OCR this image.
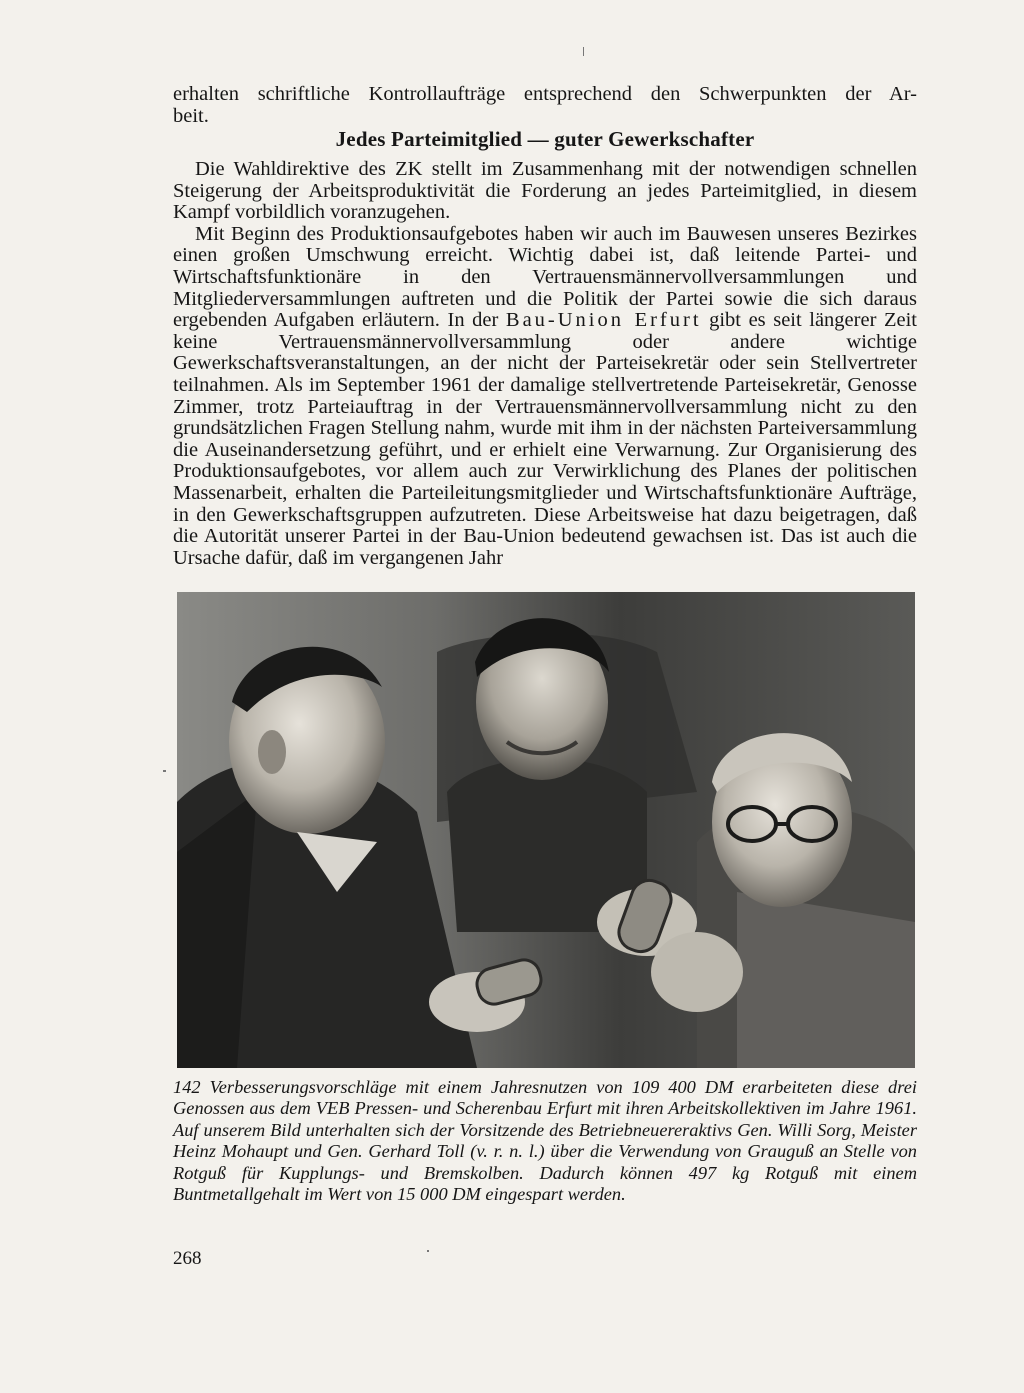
erhalten schriftliche Kontrollaufträge entsprechend den Schwerpunkten der Ar-

beit.

Jedes Parteimitglied — guter Gewerkschafter

Die Wahldirektive des ZK stellt im Zusammenhang mit der notwendigen schnellen Steigerung der Arbeitsproduktivität die Forderung an jedes Parteimitglied, in diesem Kampf vorbildlich voranzugehen.

Mit Beginn des Produktionsaufgebotes haben wir auch im Bauwesen unseres Bezirkes einen großen Umschwung erreicht. Wichtig dabei ist, daß leitende Partei- und Wirtschaftsfunktionäre in den Vertrauensmännervollversammlungen und Mitgliederversammlungen auftreten und die Politik der Partei sowie die sich daraus ergebenden Aufgaben erläutern. In der Bau-Union Erfurt gibt es seit längerer Zeit keine Vertrauensmännervollversammlung oder andere wichtige Gewerkschaftsveranstaltungen, an der nicht der Parteisekretär oder sein Stellvertreter teilnahmen. Als im September 1961 der damalige stellvertretende Parteisekretär, Genosse Zimmer, trotz Parteiauftrag in der Vertrauensmännervollversammlung nicht zu den grundsätzlichen Fragen Stellung nahm, wurde mit ihm in der nächsten Parteiversammlung die Auseinandersetzung geführt, und er erhielt eine Verwarnung. Zur Organisierung des Produktionsaufgebotes, vor allem auch zur Verwirklichung des Planes der politischen Massenarbeit, erhalten die Parteileitungsmitglieder und Wirtschaftsfunktionäre Aufträge, in den Gewerkschaftsgruppen aufzutreten. Diese Arbeitsweise hat dazu beigetragen, daß die Autorität unserer Partei in der Bau-Union bedeutend gewachsen ist. Das ist auch die Ursache dafür, daß im vergangenen Jahr

142 Verbesserungsvorschläge mit einem Jahresnutzen von 109 400 DM erarbeiteten diese drei Genossen aus dem VEB Pressen- und Scherenbau Erfurt mit ihren Arbeitskollektiven im Jahre 1961. Auf unserem Bild unterhalten sich der Vorsitzende des Betriebneuereraktivs Gen. Willi Sorg, Meister Heinz Mohaupt und Gen. Gerhard Toll (v. r. n. l.) über die Verwendung von Grauguß an Stelle von Rotguß für Kupplungs- und Bremskolben. Dadurch können 497 kg Rotguß mit einem Buntmetallgehalt im Wert von 15 000 DM eingespart werden.
268
